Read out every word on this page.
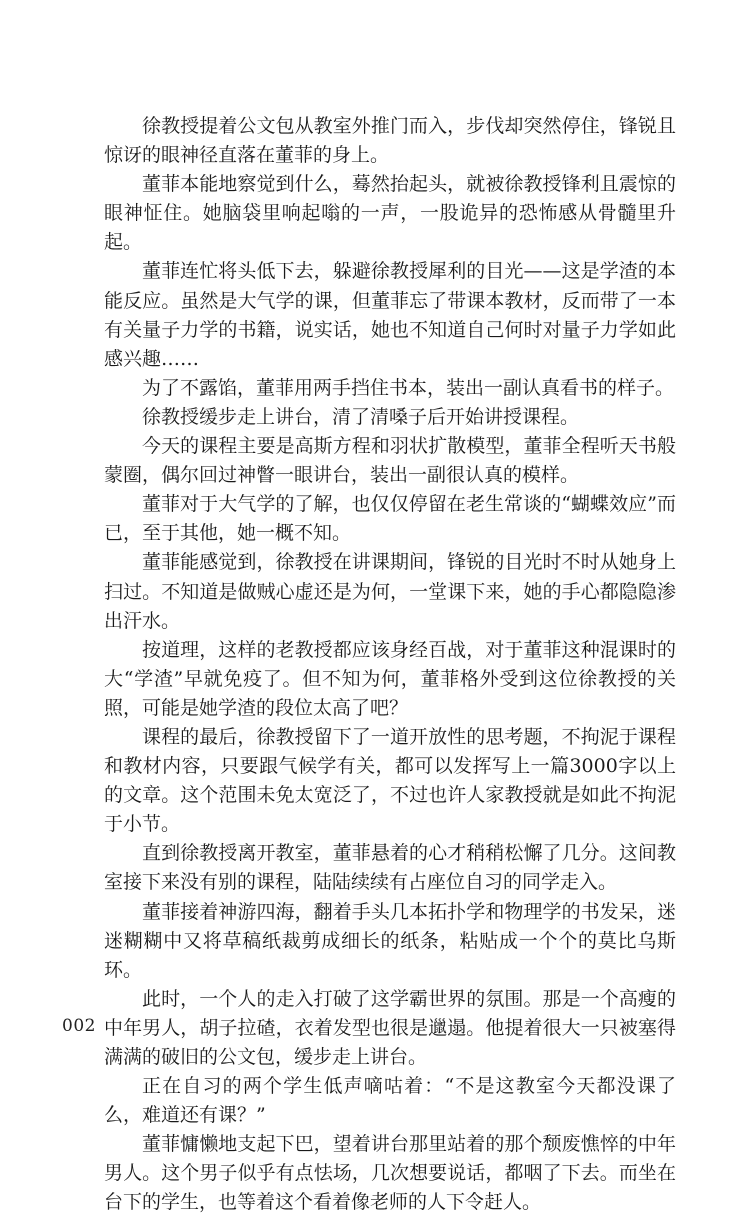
徐教授提着公文包从教室外推门而入，步伐却突然停住，锋锐且惊讶的眼神径直落在董菲的身上。

董菲本能地察觉到什么，蓦然抬起头，就被徐教授锋利且震惊的眼神怔住。她脑袋里响起嗡的一声，一股诡异的恐怖感从骨髓里升起。

董菲连忙将头低下去，躲避徐教授犀利的目光——这是学渣的本能反应。虽然是大气学的课，但董菲忘了带课本教材，反而带了一本有关量子力学的书籍，说实话，她也不知道自己何时对量子力学如此感兴趣……

为了不露馅，董菲用两手挡住书本，装出一副认真看书的样子。

徐教授缓步走上讲台，清了清嗓子后开始讲授课程。

今天的课程主要是高斯方程和羽状扩散模型，董菲全程听天书般蒙圈，偶尔回过神瞥一眼讲台，装出一副很认真的模样。

董菲对于大气学的了解，也仅仅停留在老生常谈的“蝴蝶效应”而已，至于其他，她一概不知。

董菲能感觉到，徐教授在讲课期间，锋锐的目光时不时从她身上扫过。不知道是做贼心虚还是为何，一堂课下来，她的手心都隐隐渗出汗水。

按道理，这样的老教授都应该身经百战，对于董菲这种混课时的大“学渣”早就免疫了。但不知为何，董菲格外受到这位徐教授的关照，可能是她学渣的段位太高了吧？

课程的最后，徐教授留下了一道开放性的思考题，不拘泥于课程和教材内容，只要跟气候学有关，都可以发挥写上一篇3000字以上的文章。这个范围未免太宽泛了，不过也许人家教授就是如此不拘泥于小节。

直到徐教授离开教室，董菲悬着的心才稍稍松懈了几分。这间教室接下来没有别的课程，陆陆续续有占座位自习的同学走入。

董菲接着神游四海，翻着手头几本拓扑学和物理学的书发呆，迷迷糊糊中又将草稿纸裁剪成细长的纸条，粘贴成一个个的莫比乌斯环。

此时，一个人的走入打破了这学霸世界的氛围。那是一个高瘦的中年男人，胡子拉碴，衣着发型也很是邋遢。他提着很大一只被塞得满满的破旧的公文包，缓步走上讲台。

正在自习的两个学生低声嘀咕着：“不是这教室今天都没课了么，难道还有课？”

董菲慵懒地支起下巴，望着讲台那里站着的那个颓废憔悴的中年男人。这个男子似乎有点怯场，几次想要说话，都咽了下去。而坐在台下的学生，也等着这个看着像老师的人下令赶人。

002
